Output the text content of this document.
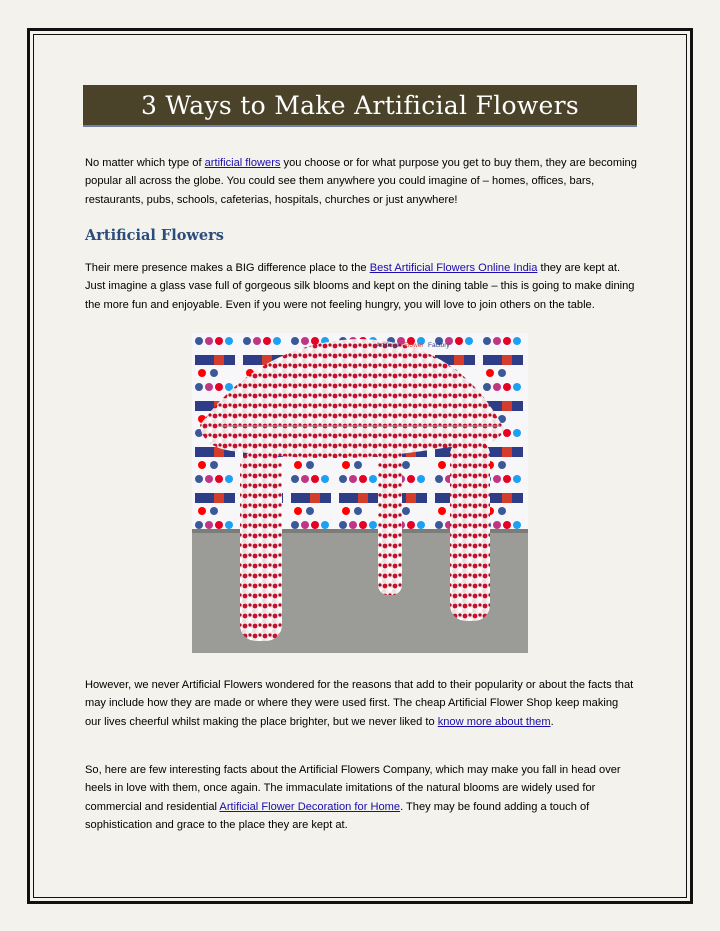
3 Ways to Make Artificial Flowers

No matter which type of artificial flowers you choose or for what purpose you get to buy them, they are becoming popular all across the globe. You could see them anywhere you could imagine of – homes, offices, bars, restaurants, pubs, schools, cafeterias, hospitals, churches or just anywhere!

Artificial Flowers

Their mere presence makes a BIG difference place to the Best Artificial Flowers Online India they are kept at. Just imagine a glass vase full of gorgeous silk blooms and kept on the dining table – this is going to make dining the more fun and enjoyable. Even if you were not feeling hungry, you will love to join others on the table.

Artificial Flower Factory

However, we never Artificial Flowers wondered for the reasons that add to their popularity or about the facts that may include how they are made or where they were used first. The cheap Artificial Flower Shop keep making our lives cheerful whilst making the place brighter, but we never liked to know more about them.

So, here are few interesting facts about the Artificial Flowers Company, which may make you fall in head over heels in love with them, once again. The immaculate imitations of the natural blooms are widely used for commercial and residential Artificial Flower Decoration for Home. They may be found adding a touch of sophistication and grace to the place they are kept at.
